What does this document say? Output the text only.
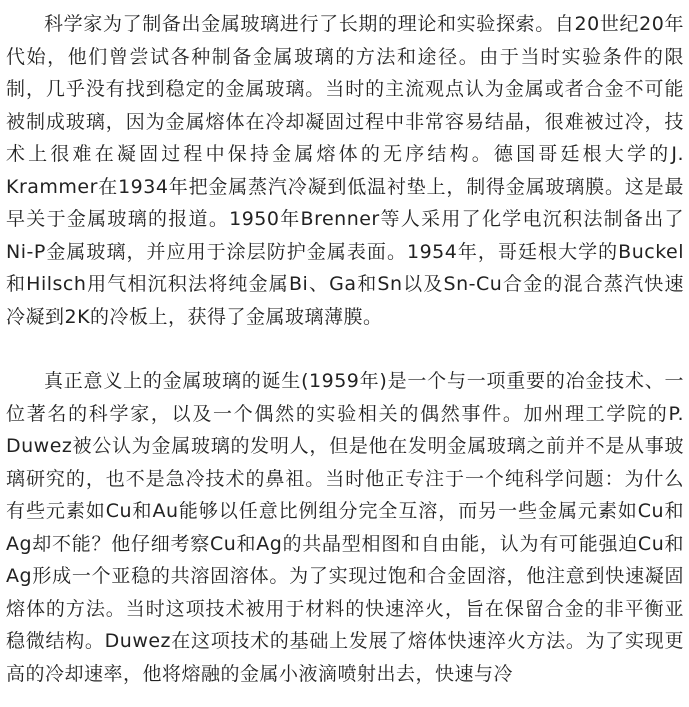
科学家为了制备出金属玻璃进行了长期的理论和实验探索。自20世纪20年代始，他们曾尝试各种制备金属玻璃的方法和途径。由于当时实验条件的限制，几乎没有找到稳定的金属玻璃。当时的主流观点认为金属或者合金不可能被制成玻璃，因为金属熔体在冷却凝固过程中非常容易结晶，很难被过冷，技术上很难在凝固过程中保持金属熔体的无序结构。德国哥廷根大学的J. Krammer在1934年把金属蒸汽冷凝到低温衬垫上，制得金属玻璃膜。这是最早关于金属玻璃的报道。1950年Brenner等人采用了化学电沉积法制备出了Ni-P金属玻璃，并应用于涂层防护金属表面。1954年，哥廷根大学的Buckel和Hilsch用气相沉积法将纯金属Bi、Ga和Sn以及Sn-Cu合金的混合蒸汽快速冷凝到2K的冷板上，获得了金属玻璃薄膜。

真正意义上的金属玻璃的诞生(1959年)是一个与一项重要的冶金技术、一位著名的科学家，以及一个偶然的实验相关的偶然事件。加州理工学院的P. Duwez被公认为金属玻璃的发明人，但是他在发明金属玻璃之前并不是从事玻璃研究的，也不是急冷技术的鼻祖。当时他正专注于一个纯科学问题：为什么有些元素如Cu和Au能够以任意比例组分完全互溶，而另一些金属元素如Cu和Ag却不能？他仔细考察Cu和Ag的共晶型相图和自由能，认为有可能强迫Cu和Ag形成一个亚稳的共溶固溶体。为了实现过饱和合金固溶，他注意到快速凝固熔体的方法。当时这项技术被用于材料的快速淬火，旨在保留合金的非平衡亚稳微结构。Duwez在这项技术的基础上发展了熔体快速淬火方法。为了实现更高的冷却速率，他将熔融的金属小液滴喷射出去，快速与冷
